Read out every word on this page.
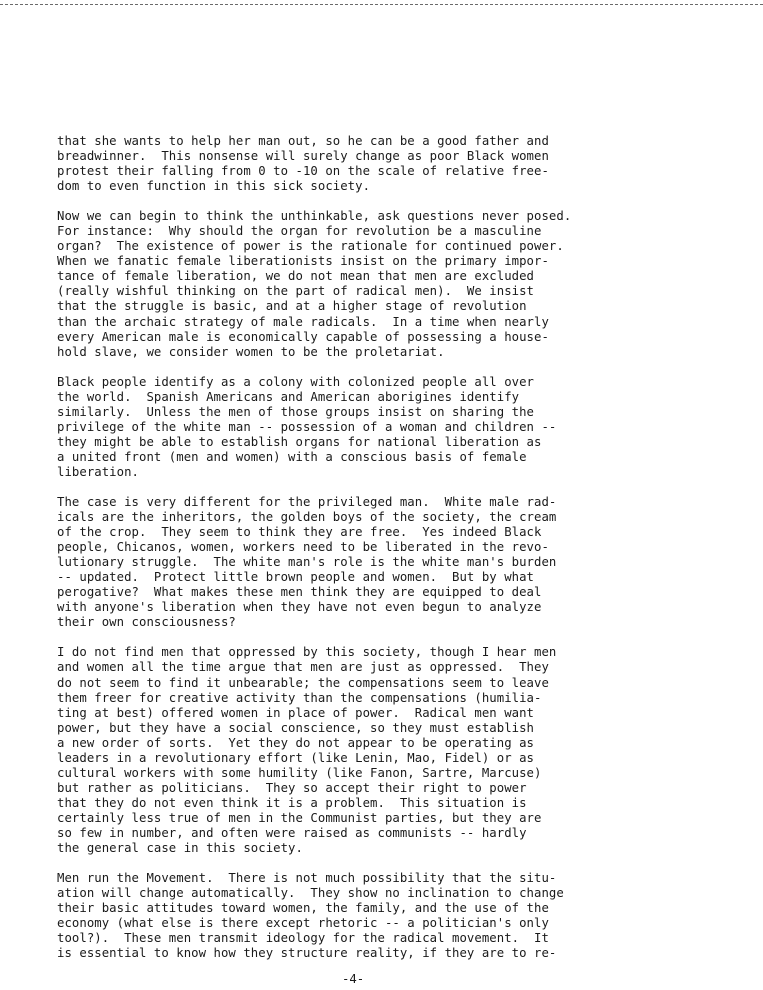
that she wants to help her man out, so he can be a good father and
breadwinner.  This nonsense will surely change as poor Black women
protest their falling from 0 to -10 on the scale of relative free-
dom to even function in this sick society.
Now we can begin to think the unthinkable, ask questions never posed.
For instance:  Why should the organ for revolution be a masculine
organ?  The existence of power is the rationale for continued power.
When we fanatic female liberationists insist on the primary impor-
tance of female liberation, we do not mean that men are excluded
(really wishful thinking on the part of radical men).  We insist
that the struggle is basic, and at a higher stage of revolution
than the archaic strategy of male radicals.  In a time when nearly
every American male is economically capable of possessing a house-
hold slave, we consider women to be the proletariat.
Black people identify as a colony with colonized people all over
the world.  Spanish Americans and American aborigines identify
similarly.  Unless the men of those groups insist on sharing the
privilege of the white man -- possession of a woman and children --
they might be able to establish organs for national liberation as
a united front (men and women) with a conscious basis of female
liberation.
The case is very different for the privileged man.  White male rad-
icals are the inheritors, the golden boys of the society, the cream
of the crop.  They seem to think they are free.  Yes indeed Black
people, Chicanos, women, workers need to be liberated in the revo-
lutionary struggle.  The white man's role is the white man's burden
-- updated.  Protect little brown people and women.  But by what
perogative?  What makes these men think they are equipped to deal
with anyone's liberation when they have not even begun to analyze
their own consciousness?
I do not find men that oppressed by this society, though I hear men
and women all the time argue that men are just as oppressed.  They
do not seem to find it unbearable; the compensations seem to leave
them freer for creative activity than the compensations (humilia-
ting at best) offered women in place of power.  Radical men want
power, but they have a social conscience, so they must establish
a new order of sorts.  Yet they do not appear to be operating as
leaders in a revolutionary effort (like Lenin, Mao, Fidel) or as
cultural workers with some humility (like Fanon, Sartre, Marcuse)
but rather as politicians.  They so accept their right to power
that they do not even think it is a problem.  This situation is
certainly less true of men in the Communist parties, but they are
so few in number, and often were raised as communists -- hardly
the general case in this society.
Men run the Movement.  There is not much possibility that the situ-
ation will change automatically.  They show no inclination to change
their basic attitudes toward women, the family, and the use of the
economy (what else is there except rhetoric -- a politician's only
tool?).  These men transmit ideology for the radical movement.  It
is essential to know how they structure reality, if they are to re-
-4-
